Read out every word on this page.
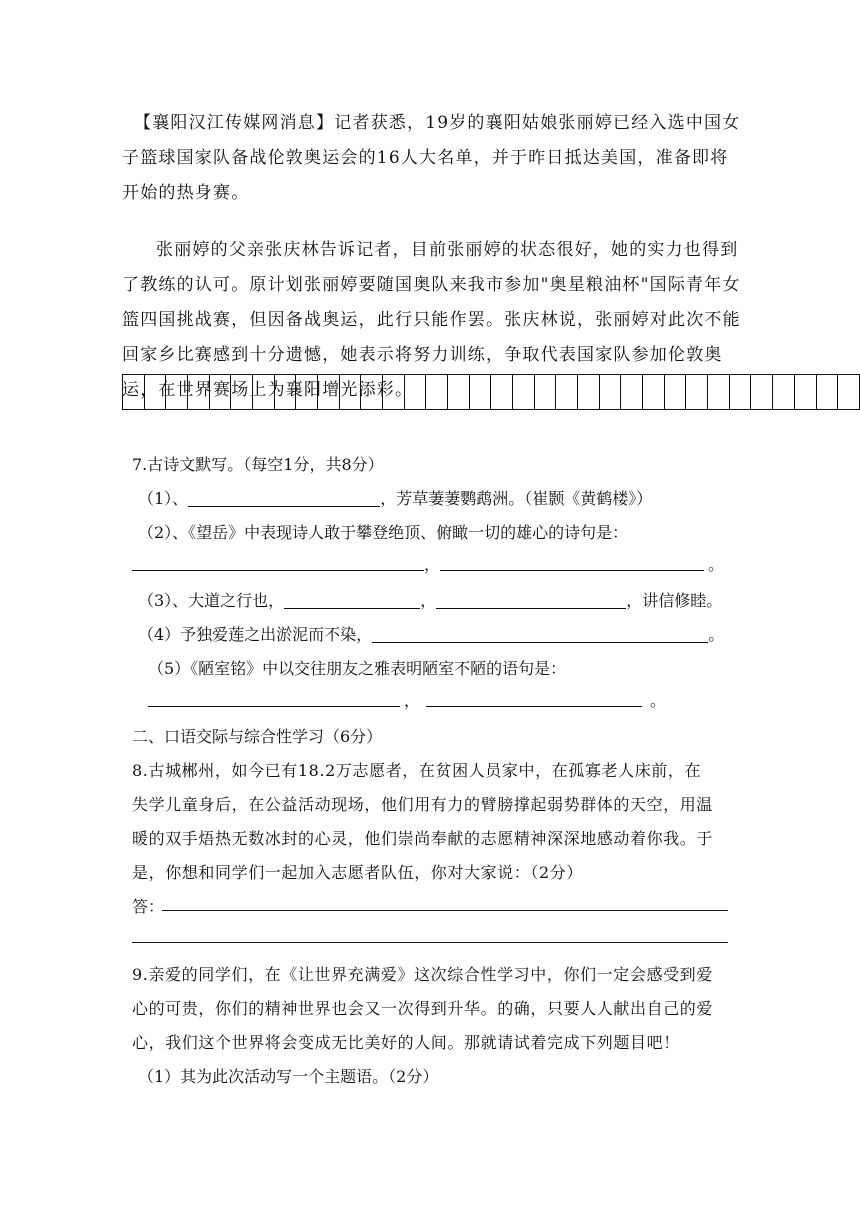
【襄阳汉江传媒网消息】记者获悉，19岁的襄阳姑娘张丽婷已经入选中国女子篮球国家队备战伦敦奥运会的16人大名单，并于昨日抵达美国，准备即将开始的热身赛。
张丽婷的父亲张庆林告诉记者，目前张丽婷的状态很好，她的实力也得到了教练的认可。原计划张丽婷要随国奥队来我市参加"奥星粮油杯"国际青年女篮四国挑战赛，但因备战奥运，此行只能作罢。张庆林说，张丽婷对此次不能回家乡比赛感到十分遗憾，她表示将努力训练，争取代表国家队参加伦敦奥运，在世界赛场上为襄阳增光添彩。

7.古诗文默写。（每空1分，共8分）
（1）、	，芳草萋萋鹦鹉洲。（崔颢《黄鹤楼》）
（2）、《望岳》中表现诗人敢于攀登绝顶、俯瞰一切的雄心的诗句是：
，	。
（3）、大道之行也，	，	，讲信修睦。
（4）予独爱莲之出淤泥而不染，	。
（5）《陋室铭》中以交往朋友之雅表明陋室不陋的语句是：
，	。
二、口语交际与综合性学习（6分）
8.古城郴州，如今已有18.2万志愿者，在贫困人员家中，在孤寡老人床前，在
失学儿童身后，在公益活动现场，他们用有力的臂膀撑起弱势群体的天空，用温
暖的双手焐热无数冰封的心灵，他们崇尚奉献的志愿精神深深地感动着你我。于
是，你想和同学们一起加入志愿者队伍，你对大家说：（2分）
答：
9.亲爱的同学们，在《让世界充满爱》这次综合性学习中，你们一定会感受到爱
心的可贵，你们的精神世界也会又一次得到升华。的确，只要人人献出自己的爱
心，我们这个世界将会变成无比美好的人间。那就请试着完成下列题目吧！
（1）其为此次活动写一个主题语。（2分）
